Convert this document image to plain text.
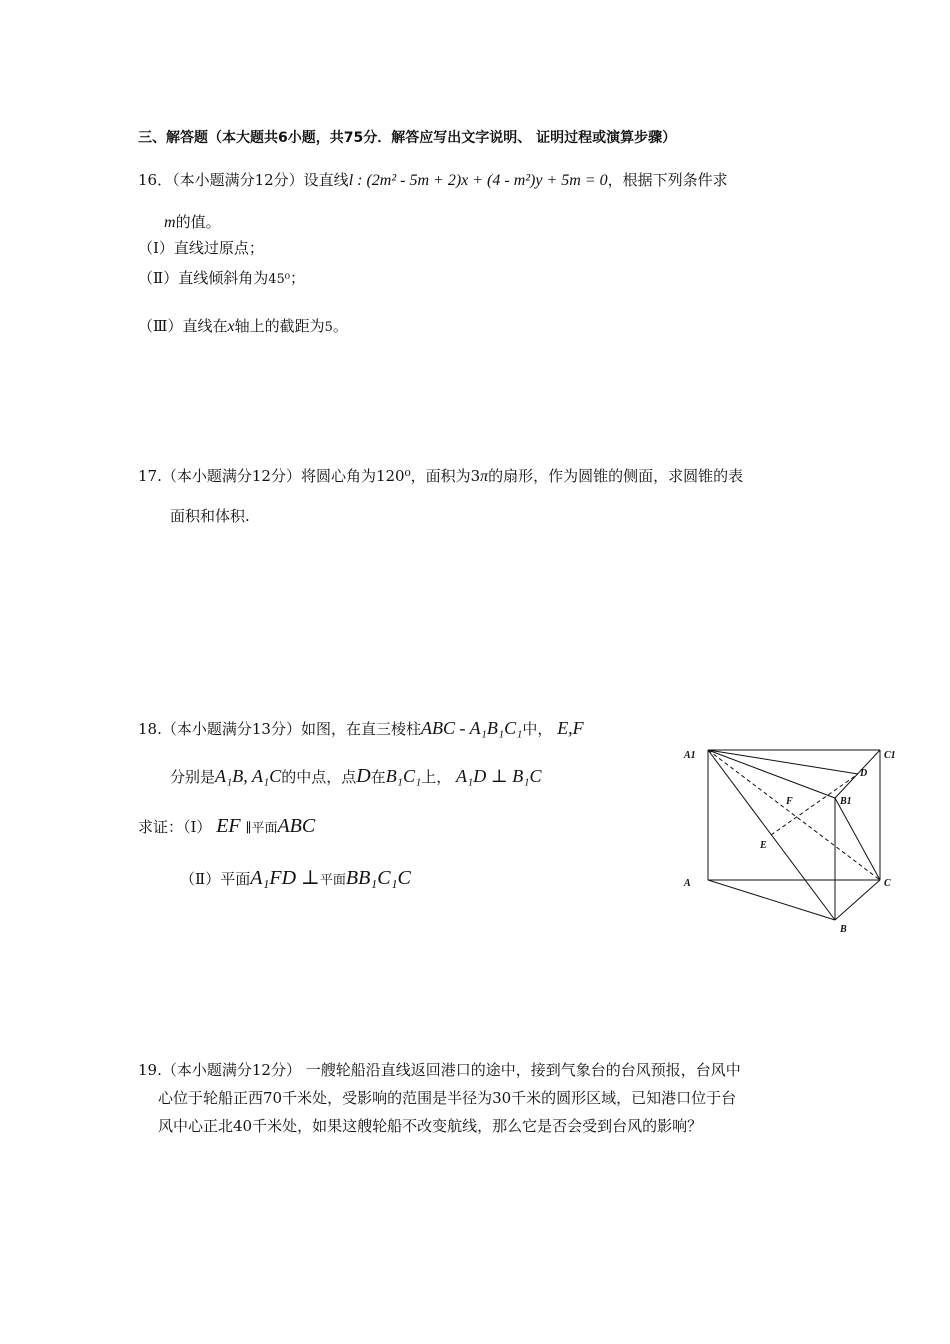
三、解答题（本大题共6小题，共75分．解答应写出文字说明、 证明过程或演算步骤）
16．（本小题满分12分）设直线l : (2m² - 5m + 2)x + (4 - m²)y + 5m = 0，根据下列条件求
m的值。
（Ⅰ）直线过原点；
（Ⅱ）直线倾斜角为45⁰；
（Ⅲ）直线在x轴上的截距为5。
17.（本小题满分12分）将圆心角为120⁰，面积为3π的扇形，作为圆锥的侧面，求圆锥的表
面积和体积.
18.（本小题满分13分）如图，在直三棱柱ABC - A₁B₁C₁中， E,F
分别是A₁B, A₁C的中点，点D在B₁C₁上， A₁D ⊥ B₁C
求证：（Ⅰ） EF ∥平面ABC
（Ⅱ）平面A₁FD ⊥平面BB₁C₁C
A1	C1
D
F	B1
E
A	C
B
19.（本小题满分12分） 一艘轮船沿直线返回港口的途中，接到气象台的台风预报，台风中
心位于轮船正西70千米处，受影响的范围是半径为30千米的圆形区域，已知港口位于台
风中心正北40千米处，如果这艘轮船不改变航线，那么它是否会受到台风的影响？
